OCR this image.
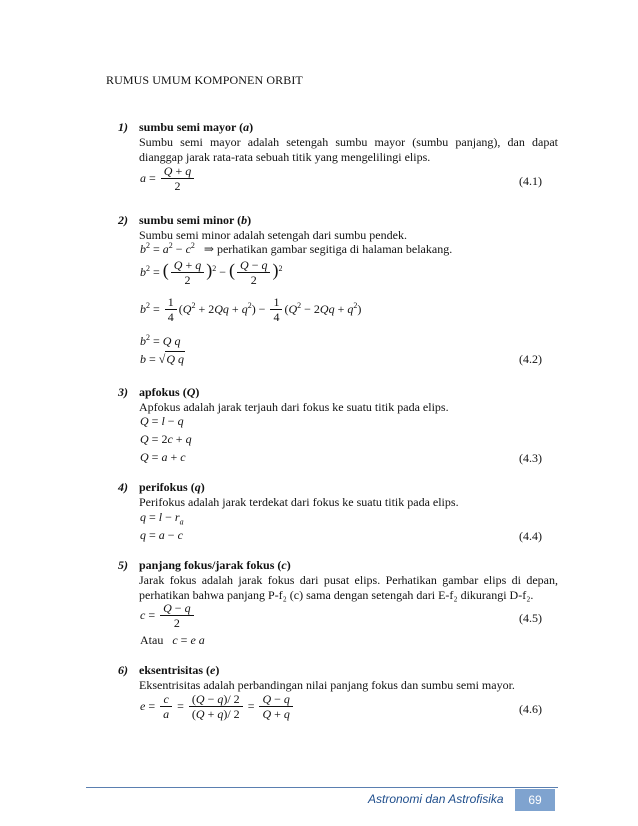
RUMUS UMUM KOMPONEN ORBIT
1) sumbu semi mayor (a)
Sumbu semi mayor adalah setengah sumbu mayor (sumbu panjang), dan dapat dianggap jarak rata-rata sebuah titik yang mengelilingi elips.
$a = \frac{Q + q}{2}$	(4.1)
2) sumbu semi minor (b)
Sumbu semi minor adalah setengah dari sumbu pendek.
$b^2 = a^2 - c^2$   ⇒ perhatikan gambar segitiga di halaman belakang.
$b^2$ = ( $\frac{Q + q}{2} )^2$ − ( $\frac{Q - q}{2} )^2$
$b^2 = \frac{1}{4} (Q^2 + 2Qq + q^2) - \frac{1}{4} (Q^2 - 2Qq + q^2)$
$b^2 = Q$ q
b = √Q q	(4.2)
3) apfokus (Q)
Apfokus adalah jarak terjauh dari fokus ke suatu titik pada elips.
Q = l − q
Q = 2c + q
Q = a + c	(4.3)
4) perifokus (q)
Perifokus adalah jarak terdekat dari fokus ke suatu titik pada elips.
$q = l - r_a$
q = a − c	(4.4)
5) panjang fokus/jarak fokus (c)
Jarak fokus adalah jarak fokus dari pusat elips. Perhatikan gambar elips di depan, perhatikan bahwa panjang P-f₂ (c) sama dengan setengah dari E-f₂ dikurangi D-f₂.
$c = \frac{Q - q}{2}$	(4.5)
Atau c = e a
6) eksentrisitas (e)
Eksentrisitas adalah perbandingan nilai panjang fokus dan sumbu semi mayor.
$e = \frac{c}{a} = \frac{(Q - q)/ 2}{(Q + q)/ 2} = \frac{Q - q}{Q + q}$	(4.6)
Astronomi dan Astrofisika	69
